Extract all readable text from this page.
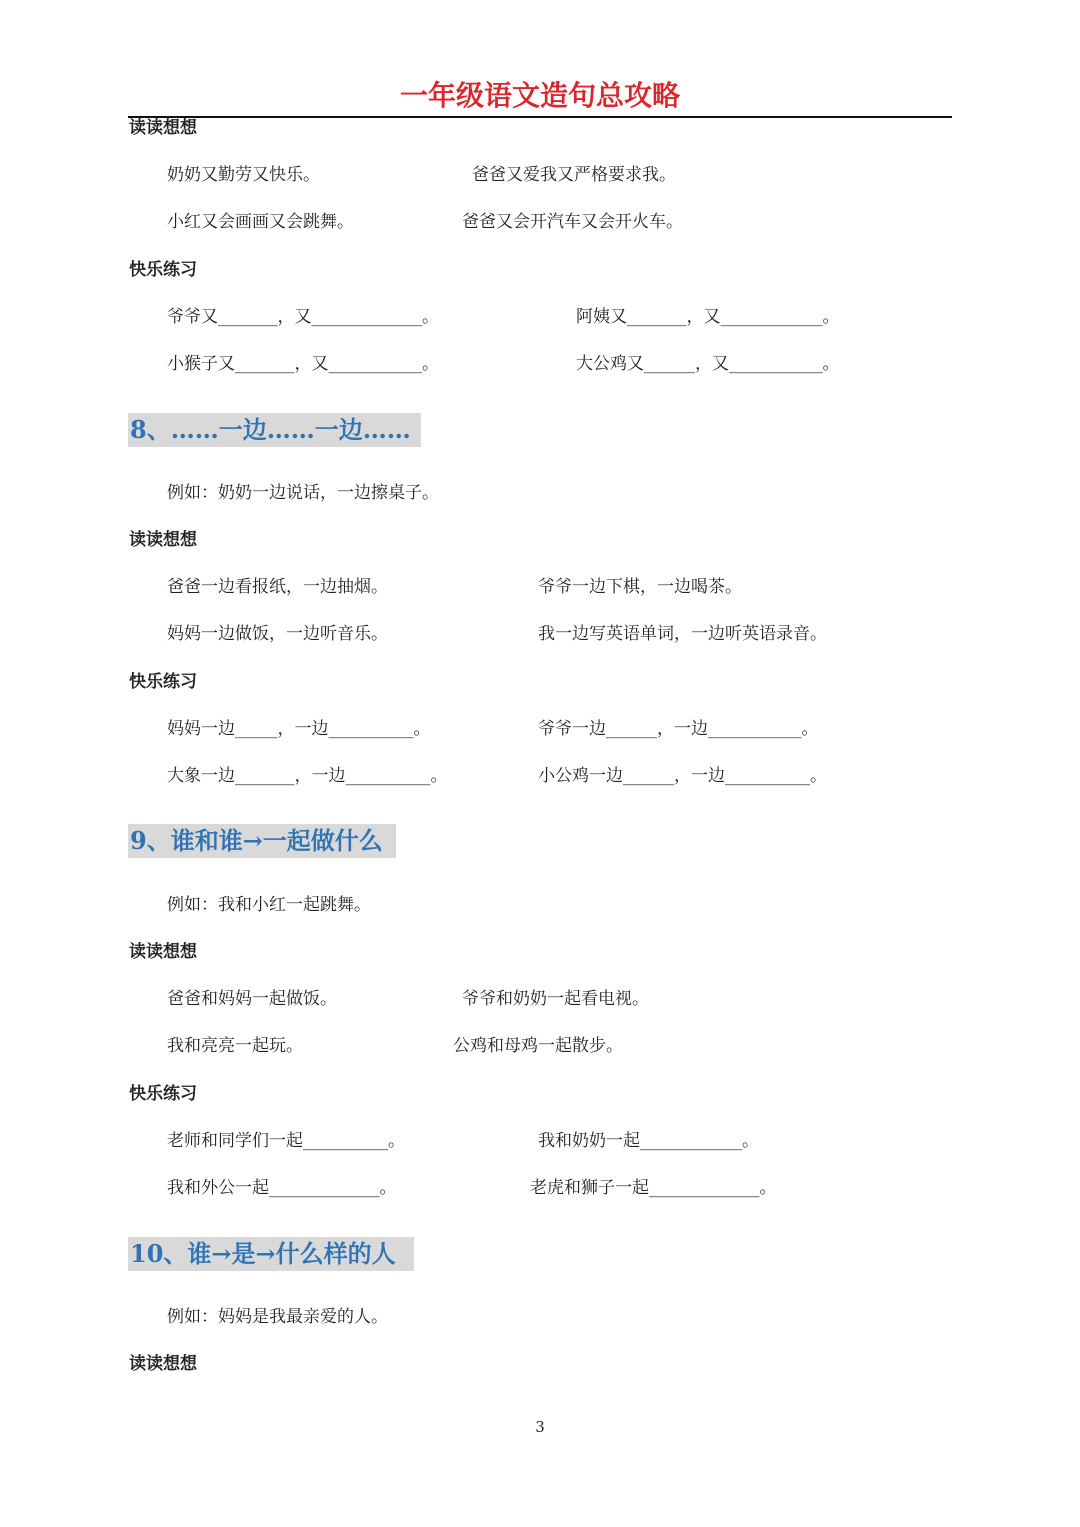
一年级语文造句总攻略
读读想想
奶奶又勤劳又快乐。	爸爸又爱我又严格要求我。
小红又会画画又会跳舞。	爸爸又会开汽车又会开火车。
快乐练习
爷爷又_______，又_____________。	阿姨又_______，又____________。
小猴子又_______，又___________。	大公鸡又______，又___________。
8、……一边……一边……
例如：奶奶一边说话，一边擦桌子。
读读想想
爸爸一边看报纸，一边抽烟。	爷爷一边下棋，一边喝茶。
妈妈一边做饭，一边听音乐。	我一边写英语单词，一边听英语录音。
快乐练习
妈妈一边_____，一边__________。	爷爷一边______，一边___________。
大象一边_______，一边__________。	小公鸡一边______，一边__________。
9、谁和谁→一起做什么
例如：我和小红一起跳舞。
读读想想
爸爸和妈妈一起做饭。	爷爷和奶奶一起看电视。
我和亮亮一起玩。	公鸡和母鸡一起散步。
快乐练习
老师和同学们一起__________。	我和奶奶一起____________。
我和外公一起_____________。	老虎和狮子一起_____________。
10、谁→是→什么样的人
例如：妈妈是我最亲爱的人。
读读想想
3
